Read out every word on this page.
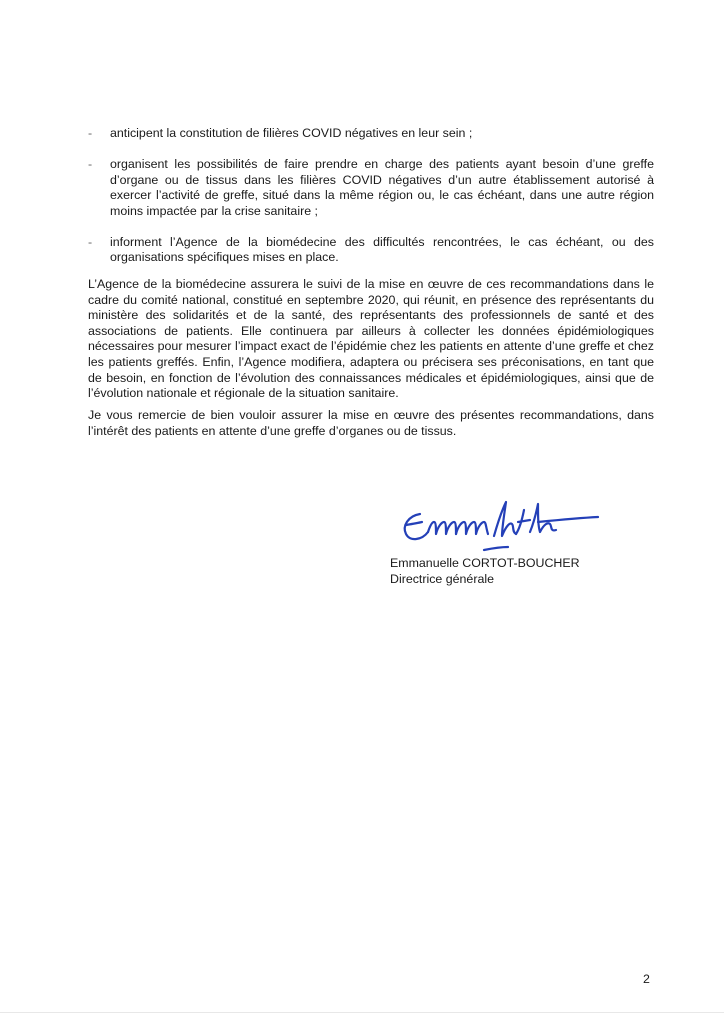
- anticipent la constitution de filières COVID négatives en leur sein ;
- organisent les possibilités de faire prendre en charge des patients ayant besoin d’une greffe d’organe ou de tissus dans les filières COVID négatives d’un autre établissement autorisé à exercer l’activité de greffe, situé dans la même région ou, le cas échéant, dans une autre région moins impactée par la crise sanitaire ;
- informent l’Agence de la biomédecine des difficultés rencontrées, le cas échéant, ou des organisations spécifiques mises en place.

L’Agence de la biomédecine assurera le suivi de la mise en œuvre de ces recommandations dans le cadre du comité national, constitué en septembre 2020, qui réunit, en présence des représentants du ministère des solidarités et de la santé, des représentants des professionnels de santé et des associations de patients. Elle continuera par ailleurs à collecter les données épidémiologiques nécessaires pour mesurer l’impact exact de l’épidémie chez les patients en attente d’une greffe et chez les patients greffés. Enfin, l’Agence modifiera, adaptera ou précisera ses préconisations, en tant que de besoin, en fonction de l’évolution des connaissances médicales et épidémiologiques, ainsi que de l’évolution nationale et régionale de la situation sanitaire.

Je vous remercie de bien vouloir assurer la mise en œuvre des présentes recommandations, dans l’intérêt des patients en attente d’une greffe d’organes ou de tissus.

Emmanuelle CORTOT-BOUCHER
Directrice générale
2
